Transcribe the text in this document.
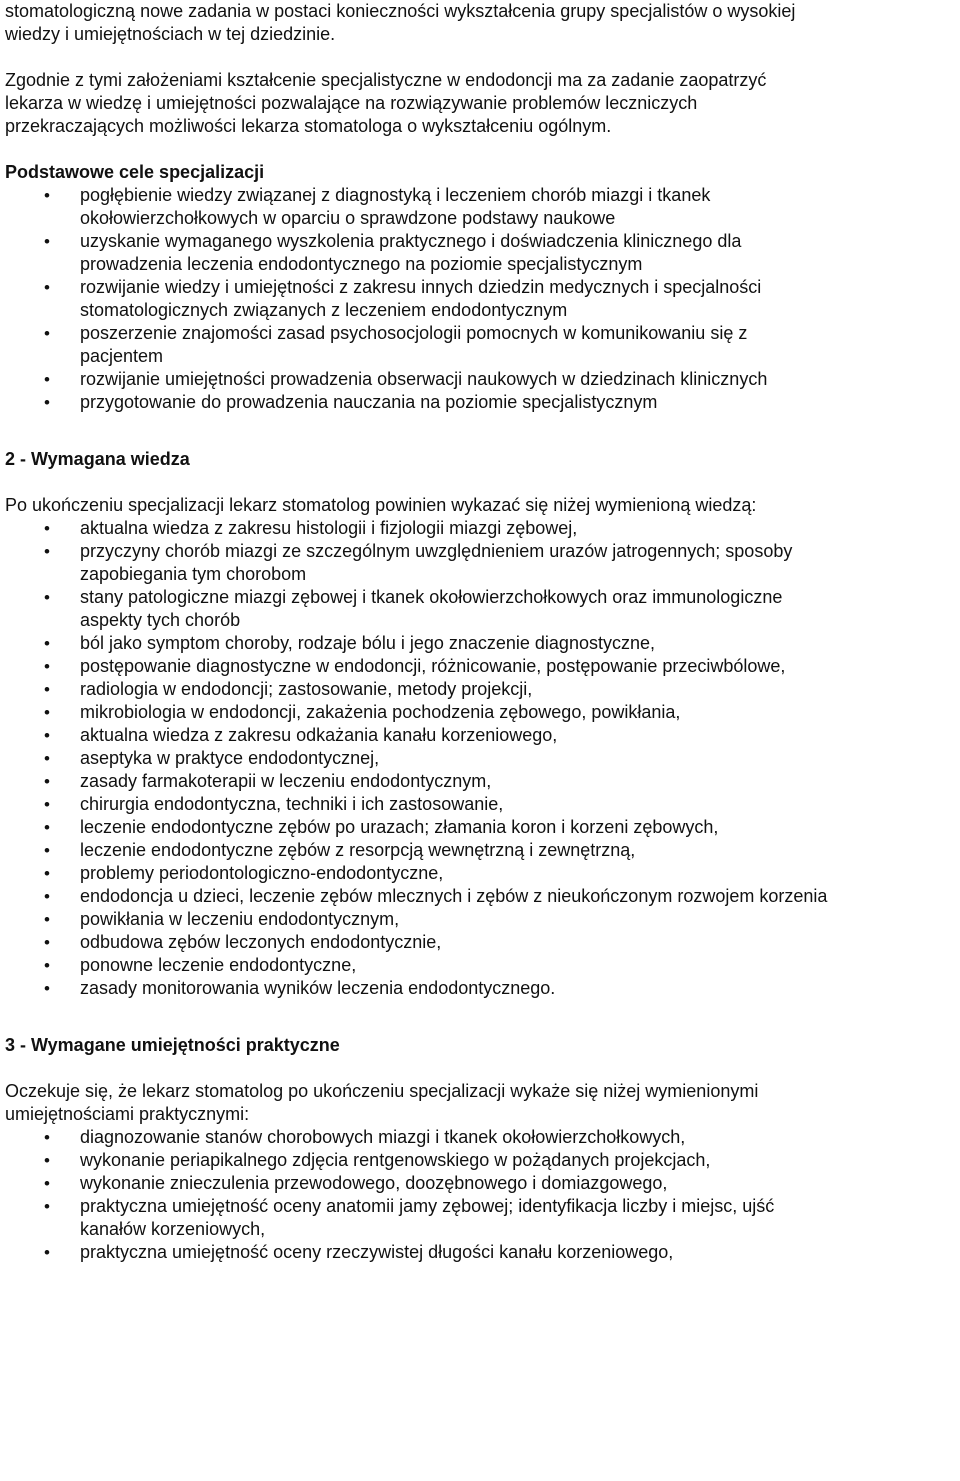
stomatologiczną nowe zadania w postaci konieczności wykształcenia grupy specjalistów o wysokiej
wiedzy i umiejętnościach w tej dziedzinie.

Zgodnie z tymi założeniami kształcenie specjalistyczne w endodoncji ma za zadanie zaopatrzyć
lekarza w wiedzę i umiejętności pozwalające na rozwiązywanie problemów leczniczych
przekraczających możliwości lekarza stomatologa o wykształceniu ogólnym.

Podstawowe cele specjalizacji

•	pogłębienie wiedzy związanej z diagnostyką i leczeniem chorób miazgi i tkanek
okołowierzchołkowych w oparciu o sprawdzone podstawy naukowe
•	uzyskanie wymaganego wyszkolenia praktycznego i doświadczenia klinicznego dla
prowadzenia leczenia endodontycznego na poziomie specjalistycznym
•	rozwijanie wiedzy i umiejętności z zakresu innych dziedzin medycznych i specjalności
stomatologicznych związanych z leczeniem endodontycznym
•	poszerzenie znajomości zasad psychosocjologii pomocnych w komunikowaniu się z
pacjentem
•	rozwijanie umiejętności prowadzenia obserwacji naukowych w dziedzinach klinicznych
•	przygotowanie do prowadzenia nauczania na poziomie specjalistycznym

2 - Wymagana wiedza

Po ukończeniu specjalizacji lekarz stomatolog powinien wykazać się niżej wymienioną wiedzą:

•	aktualna wiedza z zakresu histologii i fizjologii miazgi zębowej,
•	przyczyny chorób miazgi ze szczególnym uwzględnieniem urazów jatrogennych; sposoby
zapobiegania tym chorobom
•	stany patologiczne miazgi zębowej i tkanek okołowierzchołkowych oraz immunologiczne
aspekty tych chorób
•	ból jako symptom choroby, rodzaje bólu i jego znaczenie diagnostyczne,
•	postępowanie diagnostyczne w endodoncji, różnicowanie, postępowanie przeciwbólowe,
•	radiologia w endodoncji; zastosowanie, metody projekcji,
•	mikrobiologia w endodoncji, zakażenia pochodzenia zębowego, powikłania,
•	aktualna wiedza z zakresu odkażania kanału korzeniowego,
•	aseptyka w praktyce endodontycznej,
•	zasady farmakoterapii w leczeniu endodontycznym,
•	chirurgia endodontyczna, techniki i ich zastosowanie,
•	leczenie endodontyczne zębów po urazach; złamania koron i korzeni zębowych,
•	leczenie endodontyczne zębów z resorpcją wewnętrzną i zewnętrzną,
•	problemy periodontologiczno-endodontyczne,
•	endodoncja u dzieci, leczenie zębów mlecznych i zębów z nieukończonym rozwojem korzenia
•	powikłania w leczeniu endodontycznym,
•	odbudowa zębów leczonych endodontycznie,
•	ponowne leczenie endodontyczne,
•	zasady monitorowania wyników leczenia endodontycznego.

3 - Wymagane umiejętności praktyczne

Oczekuje się, że lekarz stomatolog po ukończeniu specjalizacji wykaże się niżej wymienionymi
umiejętnościami praktycznymi:

•	diagnozowanie stanów chorobowych miazgi i tkanek okołowierzchołkowych,
•	wykonanie periapikalnego zdjęcia rentgenowskiego w pożądanych projekcjach,
•	wykonanie znieczulenia przewodowego, doozębnowego i domiazgowego,
•	praktyczna umiejętność oceny anatomii jamy zębowej; identyfikacja liczby i miejsc, ujść
kanałów korzeniowych,
•	praktyczna umiejętność oceny rzeczywistej długości kanału korzeniowego,
